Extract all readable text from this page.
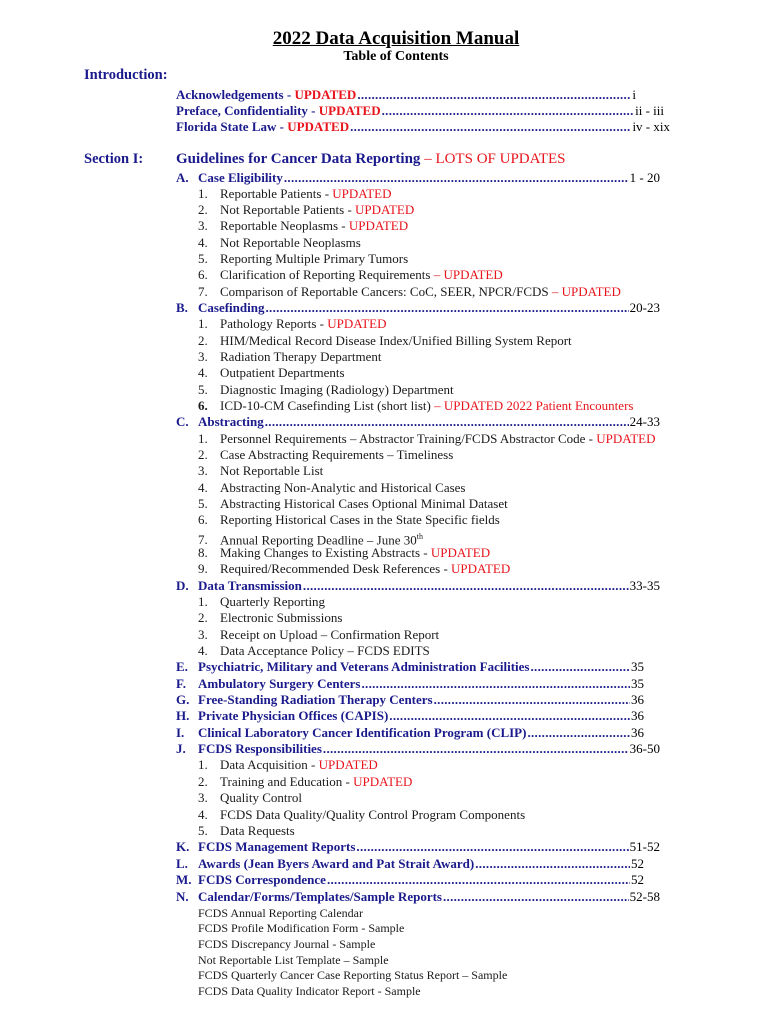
2022 Data Acquisition Manual
Table of Contents
Introduction:
Acknowledgements - UPDATED .....	i
Preface, Confidentiality - UPDATED .....	ii - iii
Florida State Law - UPDATED .....	iv - xix
Section I: Guidelines for Cancer Data Reporting – LOTS OF UPDATES
A. Case Eligibility .....	1 - 20
1. Reportable Patients - UPDATED
2. Not Reportable Patients - UPDATED
3. Reportable Neoplasms - UPDATED
4. Not Reportable Neoplasms
5. Reporting Multiple Primary Tumors
6. Clarification of Reporting Requirements – UPDATED
7. Comparison of Reportable Cancers: CoC, SEER, NPCR/FCDS – UPDATED
B. Casefinding .....	20-23
1. Pathology Reports - UPDATED
2. HIM/Medical Record Disease Index/Unified Billing System Report
3. Radiation Therapy Department
4. Outpatient Departments
5. Diagnostic Imaging (Radiology) Department
6. ICD-10-CM Casefinding List (short list) – UPDATED 2022 Patient Encounters
C. Abstracting .....	24-33
1. Personnel Requirements – Abstractor Training/FCDS Abstractor Code - UPDATED
2. Case Abstracting Requirements – Timeliness
3. Not Reportable List
4. Abstracting Non-Analytic and Historical Cases
5. Abstracting Historical Cases Optional Minimal Dataset
6. Reporting Historical Cases in the State Specific fields
7. Annual Reporting Deadline – June 30th
8. Making Changes to Existing Abstracts - UPDATED
9. Required/Recommended Desk References - UPDATED
D. Data Transmission .....	33-35
1. Quarterly Reporting
2. Electronic Submissions
3. Receipt on Upload – Confirmation Report
4. Data Acceptance Policy – FCDS EDITS
E. Psychiatric, Military and Veterans Administration Facilities .....	35
F. Ambulatory Surgery Centers .....	35
G. Free-Standing Radiation Therapy Centers .....	36
H. Private Physician Offices (CAPIS) .....	36
I. Clinical Laboratory Cancer Identification Program (CLIP) .....	36
J. FCDS Responsibilities .....	36-50
1. Data Acquisition - UPDATED
2. Training and Education - UPDATED
3. Quality Control
4. FCDS Data Quality/Quality Control Program Components
5. Data Requests
K. FCDS Management Reports .....	51-52
L. Awards (Jean Byers Award and Pat Strait Award) .....	52
M. FCDS Correspondence .....	52
N. Calendar/Forms/Templates/Sample Reports .....	52-58
FCDS Annual Reporting Calendar
FCDS Profile Modification Form - Sample
FCDS Discrepancy Journal - Sample
Not Reportable List Template – Sample
FCDS Quarterly Cancer Case Reporting Status Report – Sample
FCDS Data Quality Indicator Report - Sample
